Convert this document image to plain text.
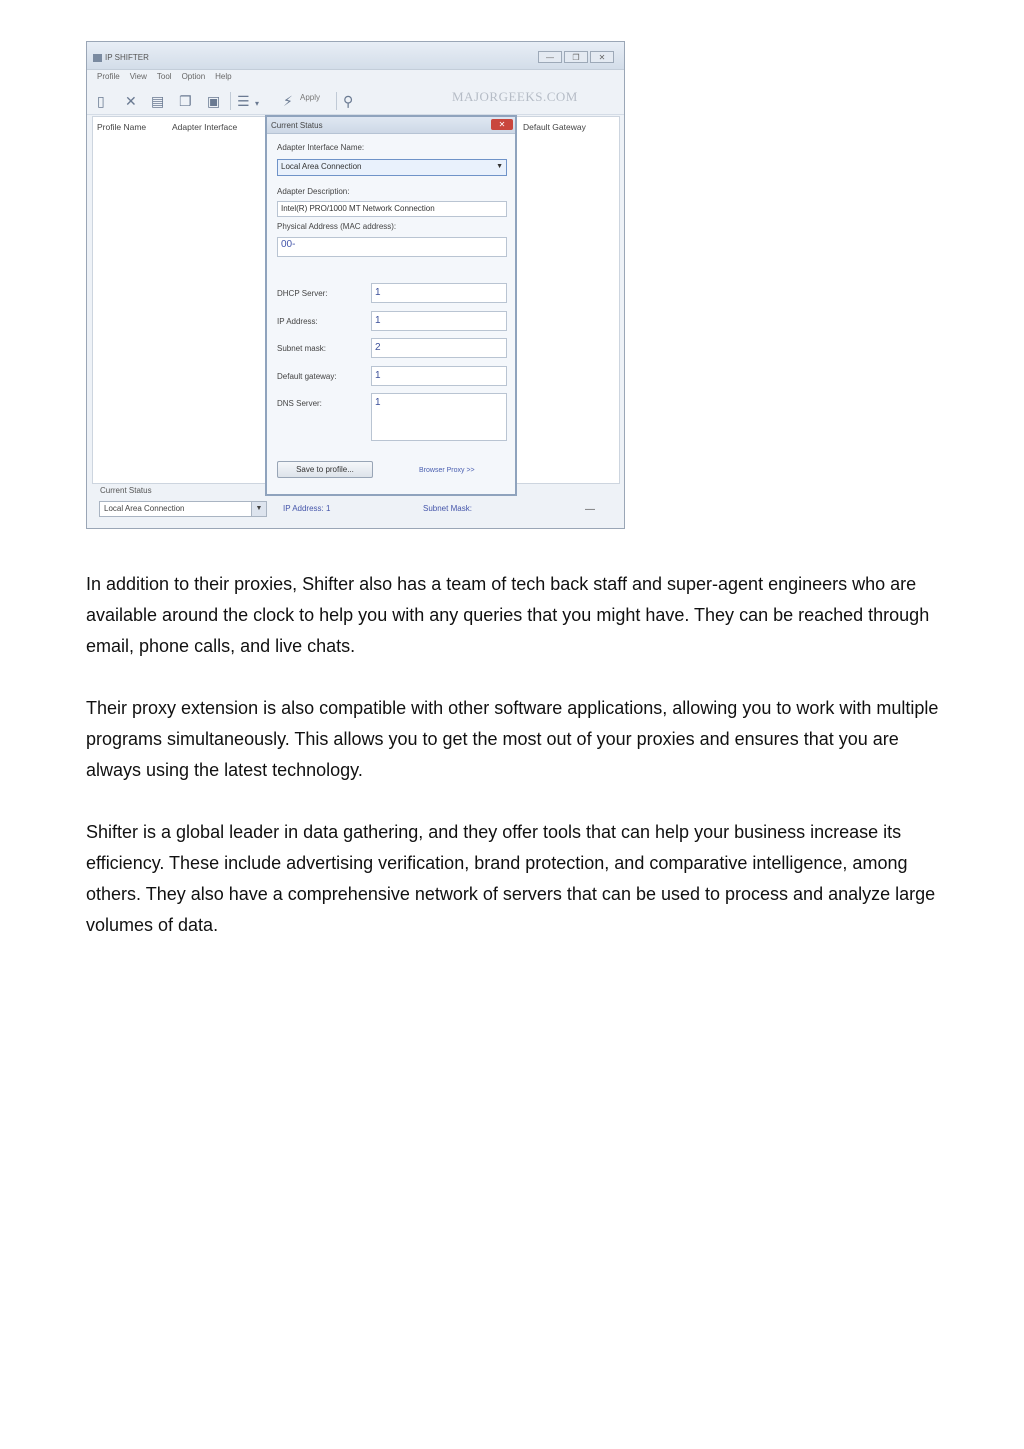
IP SHIFTER	—	❐	✕
Profile View Tool Option Help
▯ ✕ ▤ ❐ ▣ ☰ ▾ ⚡	⚲
Apply	MAJORGEEKS.COM
Profile Name	Adapter Interface	Default Gateway
Current Status
Local Area Connection	▼	IP Address: 1	Subnet Mask:	—
Current Status	✕
Adapter Interface Name:
Local Area Connection	▼
Adapter Description:
Intel(R) PRO/1000 MT Network Connection
Physical Address (MAC address):
00-
DHCP Server:	1
IP Address:	1
Subnet mask:	2
Default gateway:	1
DNS Server:	1
Save to profile...	Browser Proxy >>

In addition to their proxies, Shifter also has a team of tech back staff and super-agent engineers who are available around the clock to help you with any queries that you might have. They can be reached through email, phone calls, and live chats.

Their proxy extension is also compatible with other software applications, allowing you to work with multiple programs simultaneously. This allows you to get the most out of your proxies and ensures that you are always using the latest technology.

Shifter is a global leader in data gathering, and they offer tools that can help your business increase its efficiency. These include advertising verification, brand protection, and comparative intelligence, among others. They also have a comprehensive network of servers that can be used to process and analyze large volumes of data.
